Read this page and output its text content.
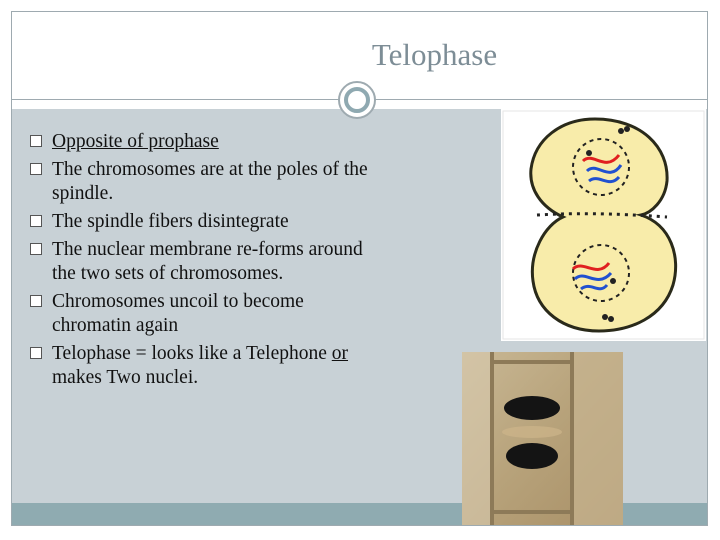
Telophase
Opposite of prophase
The chromosomes are at the poles of the spindle.
The spindle fibers disintegrate
The nuclear membrane re-forms around the two sets of chromosomes.
Chromosomes uncoil to become chromatin again
Telophase = looks like a Telephone or makes Two nuclei.
